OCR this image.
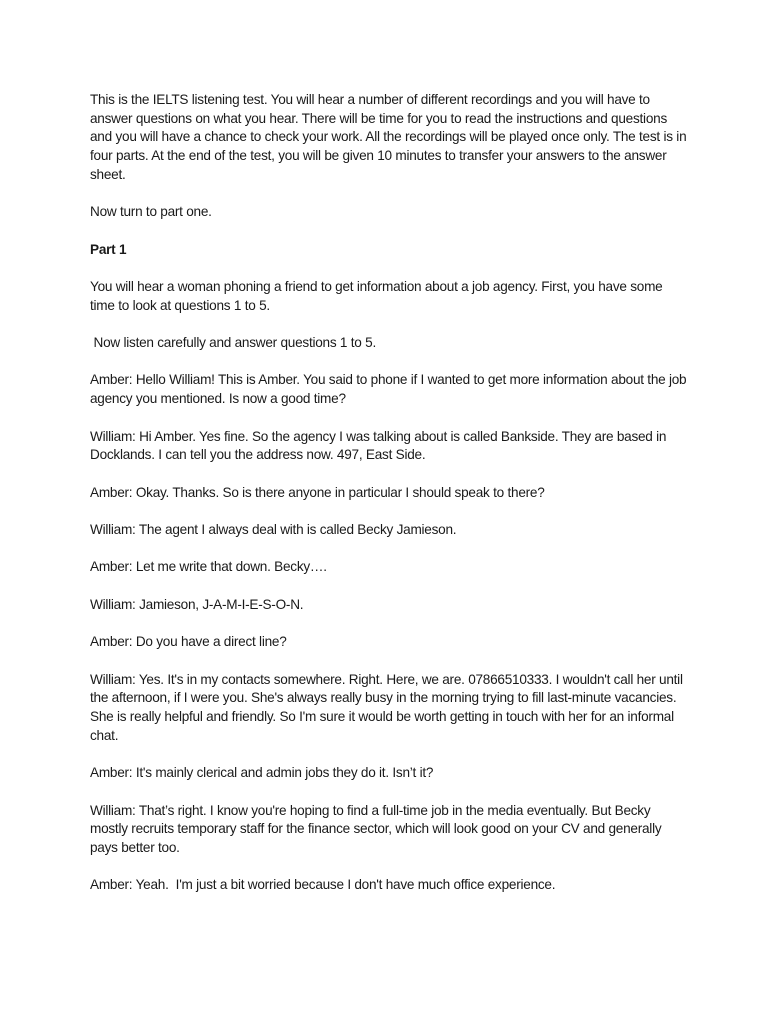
This is the IELTS listening test. You will hear a number of different recordings and you will have to answer questions on what you hear. There will be time for you to read the instructions and questions and you will have a chance to check your work. All the recordings will be played once only. The test is in four parts. At the end of the test, you will be given 10 minutes to transfer your answers to the answer sheet.

Now turn to part one.

Part 1

You will hear a woman phoning a friend to get information about a job agency. First, you have some time to look at questions 1 to 5.

Now listen carefully and answer questions 1 to 5.

Amber: Hello William! This is Amber. You said to phone if I wanted to get more information about the job agency you mentioned. Is now a good time?

William: Hi Amber. Yes fine. So the agency I was talking about is called Bankside. They are based in Docklands. I can tell you the address now. 497, East Side.

Amber: Okay. Thanks. So is there anyone in particular I should speak to there?

William: The agent I always deal with is called Becky Jamieson.

Amber: Let me write that down. Becky….

William: Jamieson, J-A-M-I-E-S-O-N.

Amber: Do you have a direct line?

William: Yes. It's in my contacts somewhere. Right. Here, we are. 07866510333. I wouldn't call her until the afternoon, if I were you. She's always really busy in the morning trying to fill last-minute vacancies. She is really helpful and friendly. So I'm sure it would be worth getting in touch with her for an informal chat.

Amber: It's mainly clerical and admin jobs they do it. Isn’t it?

William: That’s right. I know you're hoping to find a full-time job in the media eventually. But Becky mostly recruits temporary staff for the finance sector, which will look good on your CV and generally pays better too.

Amber: Yeah.  I'm just a bit worried because I don't have much office experience.
